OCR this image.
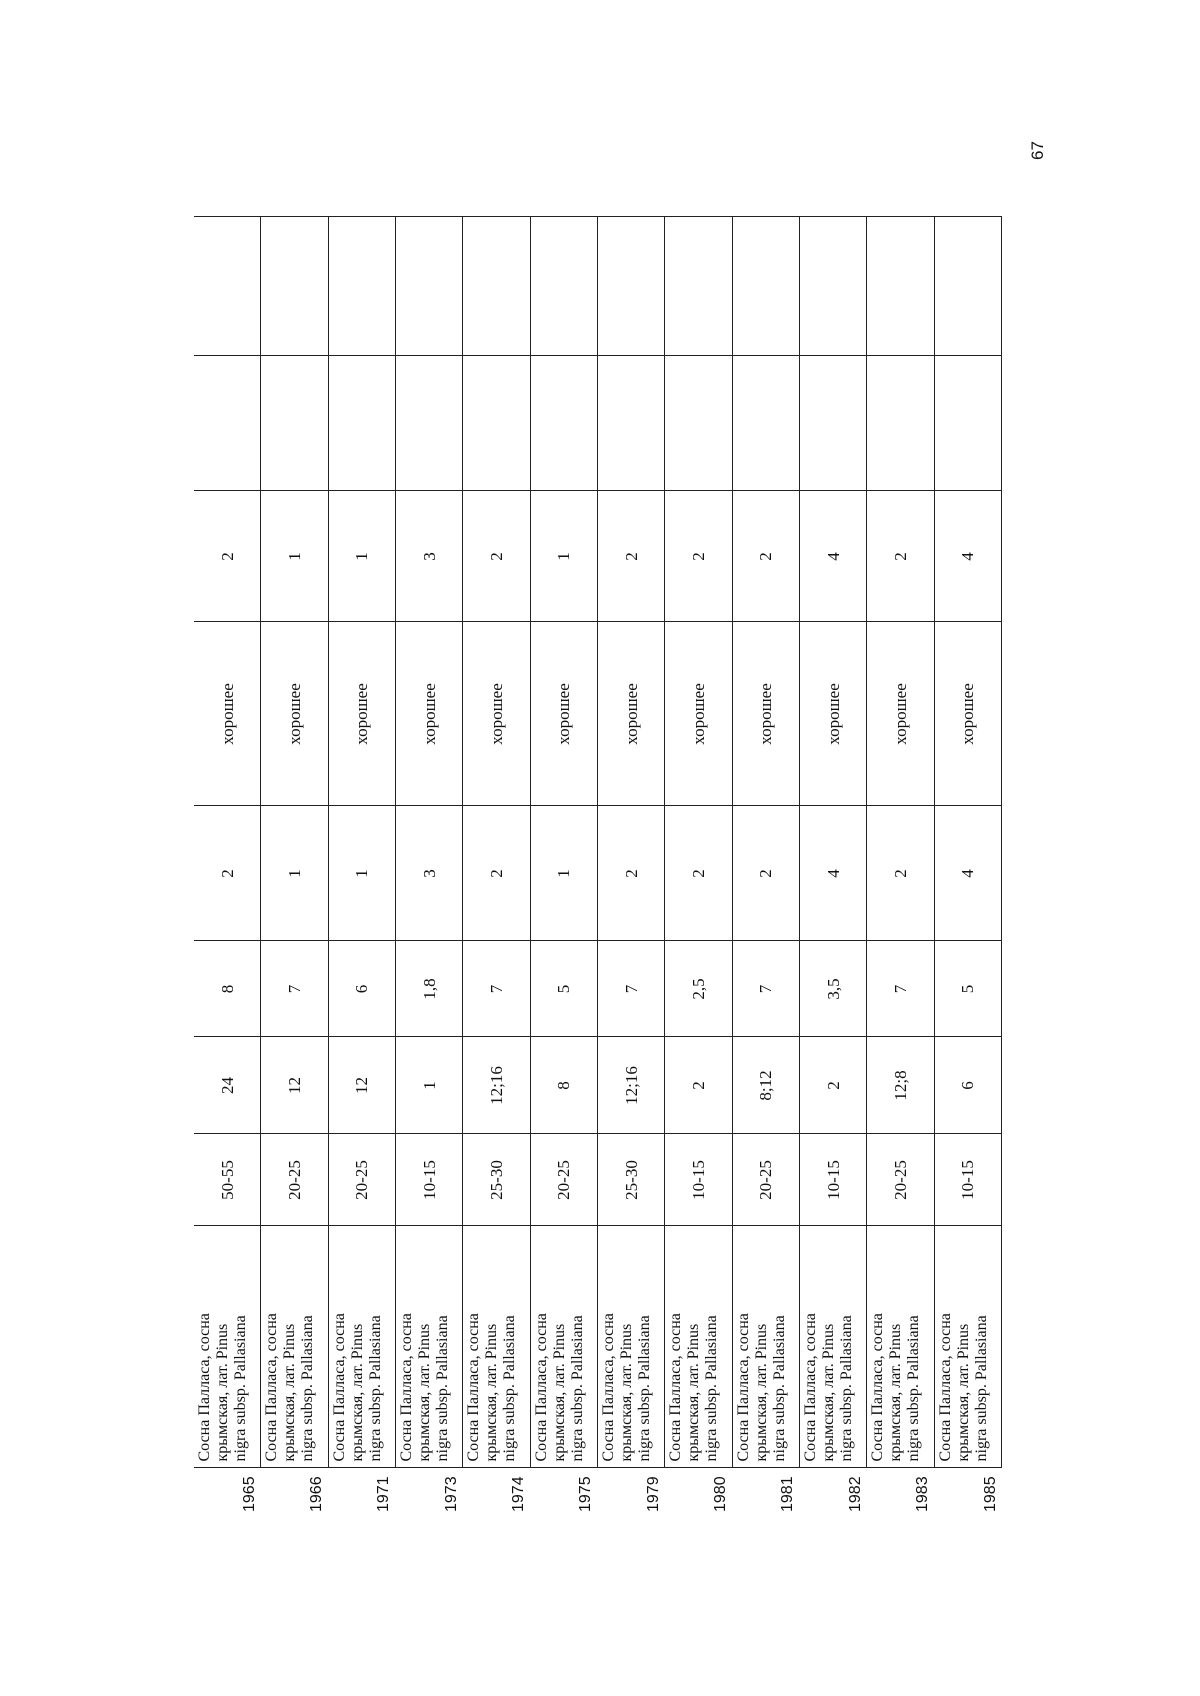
67
1965	Сосна Палласа, сосна крымская, лат. Pinus nigra subsp. Pallasiana	50-55	24	8	2	хорошее	2		

1966	Сосна Палласа, сосна крымская, лат. Pinus nigra subsp. Pallasiana	20-25	12	7	1	хорошее	1		

1971	Сосна Палласа, сосна крымская, лат. Pinus nigra subsp. Pallasiana	20-25	12	6	1	хорошее	1		

1973	Сосна Палласа, сосна крымская, лат. Pinus nigra subsp. Pallasiana	10-15	1	1,8	3	хорошее	3		

1974	Сосна Палласа, сосна крымская, лат. Pinus nigra subsp. Pallasiana	25-30	12;16	7	2	хорошее	2		

1975	Сосна Палласа, сосна крымская, лат. Pinus nigra subsp. Pallasiana	20-25	8	5	1	хорошее	1		

1979	Сосна Палласа, сосна крымская, лат. Pinus nigra subsp. Pallasiana	25-30	12;16	7	2	хорошее	2		

1980	Сосна Палласа, сосна крымская, лат. Pinus nigra subsp. Pallasiana	10-15	2	2,5	2	хорошее	2		

1981	Сосна Палласа, сосна крымская, лат. Pinus nigra subsp. Pallasiana	20-25	8;12	7	2	хорошее	2		

1982	Сосна Палласа, сосна крымская, лат. Pinus nigra subsp. Pallasiana	10-15	2	3,5	4	хорошее	4		

1983	Сосна Палласа, сосна крымская, лат. Pinus nigra subsp. Pallasiana	20-25	12;8	7	2	хорошее	2		

1985	Сосна Палласа, сосна крымская, лат. Pinus nigra subsp. Pallasiana	10-15	6	5	4	хорошее	4		
